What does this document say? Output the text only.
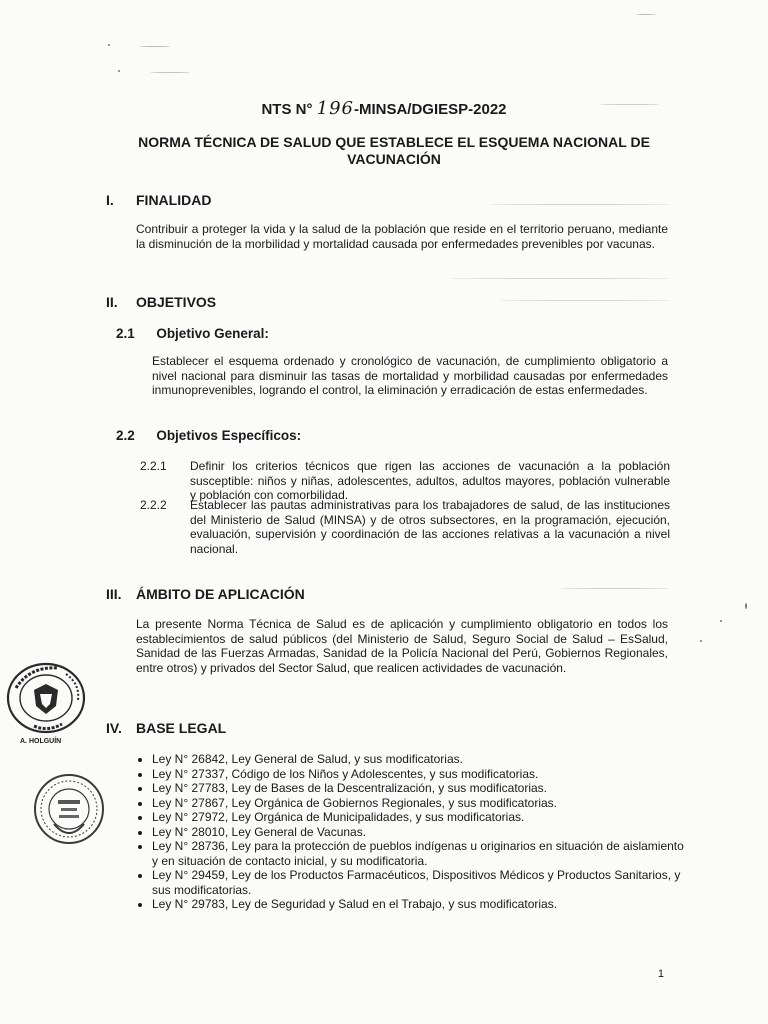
NTS N° 196-MINSA/DGIESP-2022
NORMA TÉCNICA DE SALUD QUE ESTABLECE EL ESQUEMA NACIONAL DE VACUNACIÓN
I. FINALIDAD
Contribuir a proteger la vida y la salud de la población que reside en el territorio peruano, mediante la disminución de la morbilidad y mortalidad causada por enfermedades prevenibles por vacunas.
II. OBJETIVOS
2.1 Objetivo General:
Establecer el esquema ordenado y cronológico de vacunación, de cumplimiento obligatorio a nivel nacional para disminuir las tasas de mortalidad y morbilidad causadas por enfermedades inmunoprevenibles, logrando el control, la eliminación y erradicación de estas enfermedades.
2.2 Objetivos Específicos:
2.2.1 Definir los criterios técnicos que rigen las acciones de vacunación a la población susceptible: niños y niñas, adolescentes, adultos, adultos mayores, población vulnerable y población con comorbilidad.
2.2.2 Establecer las pautas administrativas para los trabajadores de salud, de las instituciones del Ministerio de Salud (MINSA) y de otros subsectores, en la programación, ejecución, evaluación, supervisión y coordinación de las acciones relativas a la vacunación a nivel nacional.
III. ÁMBITO DE APLICACIÓN
La presente Norma Técnica de Salud es de aplicación y cumplimiento obligatorio en todos los establecimientos de salud públicos (del Ministerio de Salud, Seguro Social de Salud – EsSalud, Sanidad de las Fuerzas Armadas, Sanidad de la Policía Nacional del Perú, Gobiernos Regionales, entre otros) y privados del Sector Salud, que realicen actividades de vacunación.
IV. BASE LEGAL
• Ley N° 26842, Ley General de Salud, y sus modificatorias.
• Ley N° 27337, Código de los Niños y Adolescentes, y sus modificatorias.
• Ley N° 27783, Ley de Bases de la Descentralización, y sus modificatorias.
• Ley N° 27867, Ley Orgánica de Gobiernos Regionales, y sus modificatorias.
• Ley N° 27972, Ley Orgánica de Municipalidades, y sus modificatorias.
• Ley N° 28010, Ley General de Vacunas.
• Ley N° 28736, Ley para la protección de pueblos indígenas u originarios en situación de aislamiento y en situación de contacto inicial, y su modificatoria.
• Ley N° 29459, Ley de los Productos Farmacéuticos, Dispositivos Médicos y Productos Sanitarios, y sus modificatorias.
• Ley N° 29783, Ley de Seguridad y Salud en el Trabajo, y sus modificatorias.
A. HOLGUÍN
1
